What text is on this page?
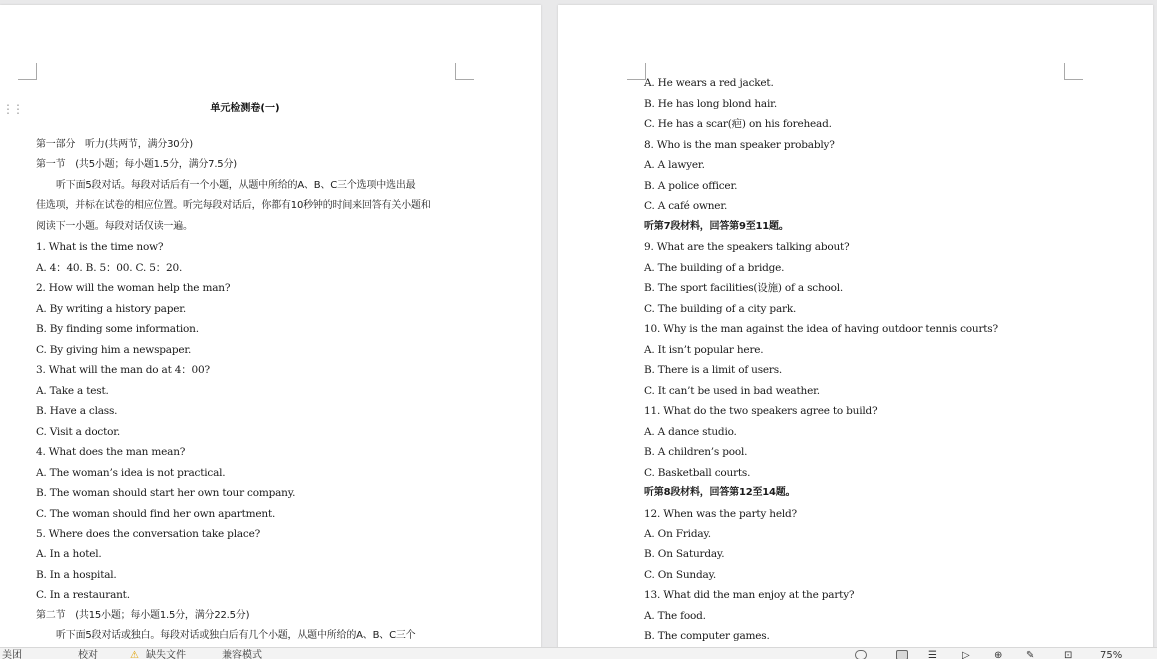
⋮⋮	单元检测卷(一)
第一部分　听力(共两节，满分30分)
第一节　(共5小题；每小题1.5分，满分7.5分)
听下面5段对话。每段对话后有一个小题，从题中所给的A、B、C三个选项中选出最
佳选项，并标在试卷的相应位置。听完每段对话后，你都有10秒钟的时间来回答有关小题和
阅读下一小题。每段对话仅读一遍。
1. What is the time now?
A. 4：40. B. 5：00. C. 5：20.
2. How will the woman help the man?
A. By writing a history paper.
B. By finding some information.
C. By giving him a newspaper.
3. What will the man do at 4：00?
A. Take a test.
B. Have a class.
C. Visit a doctor.
4. What does the man mean?
A. The woman’s idea is not practical.
B. The woman should start her own tour company.
C. The woman should find her own apartment.
5. Where does the conversation take place?
A. In a hotel.
B. In a hospital.
C. In a restaurant.
第二节　(共15小题；每小题1.5分，满分22.5分)
听下面5段对话或独白。每段对话或独白后有几个小题，从题中所给的A、B、C三个
A. He wears a red jacket.
B. He has long blond hair.
C. He has a scar(疤) on his forehead.
8. Who is the man speaker probably?
A. A lawyer.
B. A police officer.
C. A café owner.
听第7段材料，回答第9至11题。
9. What are the speakers talking about?
A. The building of a bridge.
B. The sport facilities(设施) of a school.
C. The building of a city park.
10. Why is the man against the idea of having outdoor tennis courts?
A. It isn’t popular here.
B. There is a limit of users.
C. It can’t be used in bad weather.
11. What do the two speakers agree to build?
A. A dance studio.
B. A children’s pool.
C. Basketball courts.
听第8段材料，回答第12至14题。
12. When was the party held?
A. On Friday.
B. On Saturday.
C. On Sunday.
13. What did the man enjoy at the party?
A. The food.
B. The computer games.
美团	校对	⚠ 缺失文件	兼容模式	☰	▷ ⊕ ✎	⊡	75%
